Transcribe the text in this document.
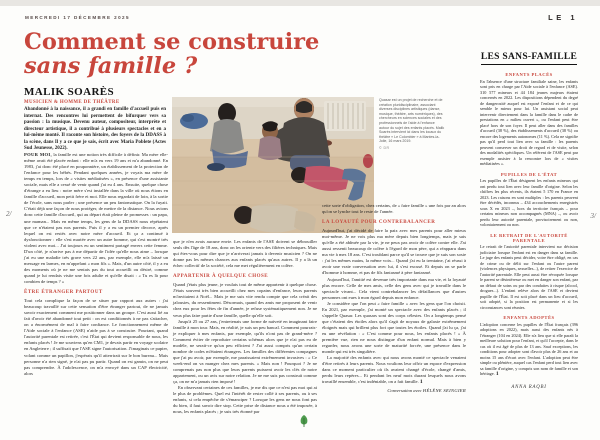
MERCREDI 17 DÉCEMBRE 2025	LE 1
Comment se construire
sans famille ?
MALIK SOARÈS
MUSICIEN & HOMME DE THÉÂTRE
Abandonné à la naissance, il a grandi en famille d'accueil puis en internat. Des rencontres lui permettent de bifurquer vers sa passion : la musique. Devenu auteur, compositeur, interprète et directeur artistique, il a contribué à plusieurs spectacles et en a lui-même monté. Il raconte son histoire, des foyers de la DDASS à la scène, dans Il y a ce que je sais, écrit avec Maria Poblete (Actes Sud Jeunesse, 2022).
Quasar est un projet de recherche et de création pluridisciplinaire, associant diverses disciplines artistiques (danse, musique, théâtre, arts numériques), des chercheurs en sciences sociales et des professionnels de l'aide à l'enfance autour du sujet des enfants placés. Malik Soarès intervient ici dans les locaux du théâtre « Le Colombier » à Mantes-la-Jolie, 16 mars 2019.
© DR

POUR MOI, la famille est une notion très difficile à définir. Ma mère elle-même avait été placée enfant : elle m'a eu vers 19 ans et m'a abandonné. En 1983, j'ai donc été placé en pouponnière, un établissement de la protection de l'enfance pour les bébés. Pendant quelques années, je voyais ma mère de temps en temps, lors de « visites médiatisées », en présence d'une assistante sociale, mais elle a cessé de venir quand j'ai eu 4 ans. Ensuite, quelque chose d'étrange a eu lieu : notre mère s'est installée dans la ville où nous étions en famille d'accueil, mon petit frère et moi. Elle nous regardait de loin, à la sortie de l'école, sans nous parler ; une présence un peu fantomatique. On la fuyait. C'était déjà une façon de nous protéger, de mettre de la distance. Nous avions donc cette famille d'accueil, qui au départ était pleine de promesses : un papa, une maman... Mais en même temps, les gens de la DDASS nous répétaient que ce n'étaient pas nos parents. Puis il y a eu un premier divorce, après lequel on est restés avec notre mère d'accueil. Et ça a continué à dysfonctionner : elle s'est mariée avec un autre homme, qui s'est montré très violent avec moi... J'ai toujours eu un sentiment partagé envers cette femme. D'un côté, je n'arrive pas à me départir de l'idée qu'elle nous aime – lorsque j'ai eu une maladie très grave vers 22 ans, par exemple, elle m'a laissé un message en larmes, en m'appelant « mon fils ». Mais, d'un autre côté, il y a eu des moments où je ne me sentais pas du tout accueilli ou désiré, comme quand je lui rendais visite une fois adulte et qu'elle disait : « Tu es là pour combien de temps ? »

ÊTRE ÉTRANGER PARTOUT

Tout cela complique la façon de se situer par rapport aux autres : j'ai beaucoup travaillé sur cette sensation d'être étranger partout, de ne jamais savoir exactement comment me positionner dans un groupe. C'est aussi lié au fait d'avoir été abandonné tout petit : on est conditionnés à ne pas s'attacher, on a énormément de mal à faire confiance. Le fonctionnement même de l'Aide sociale à l'enfance (ASE) n'aide pas à se construire. Pourtant, quand l'autorité parentale est retirée, c'est l'État qui devient responsable de nous, les enfants placés ! Je me souviens qu'en CM1, je devais partir en voyage scolaire en Angleterre ; il suffisait que l'ASE signe l'autorisation. J'imaginais ce papier, volant comme un papillon, j'espérais qu'il atterrirait sur le bon bureau... Mais personne n'a rien signé, je n'ai pas pu partir. Quand on est gamin, on ne peut pas comprendre. À l'adolescence, on m'a envoyé dans un CAP électricité, alors

que je n'en avais aucune envie. Les enfants de l'ASE doivent se débrouiller seuls dès l'âge de 18 ans, donc on les oriente vers des filières techniques. Mais qui êtes-vous pour dire que je n'arriverai jamais à devenir musicien ? On ne donne pas les mêmes chances aux enfants placés qu'aux autres. Il y a là un échec collectif de la société, cela me met régulièrement en colère.

APPARTENIR À QUELQUE CHOSE

Quand j'étais plus jeune, je voulais tout de même appartenir à quelque chose. J'étais souvent très bien accueilli chez mes copains d'enfance, leurs parents m'invitaient à Noël... Mais je me suis vite rendu compte que cela créait des jalousies, du ressentiment. Désormais, quand des amis me proposent de venir chez eux pour les fêtes de fin d'année, je refuse systématiquement non. Je ne veux plus faire partie d'une famille, quelle qu'elle soit.

Jusqu'à 25 ou 27 ans, j'entretenais une forme de naïveté en imaginant faire famille à mon tour. Mais, en réalité, je suis un peu bancal. Comment pourrais-je expliquer à mes enfants, par exemple, qu'ils n'ont pas de grand-mère ? Comment éviter de reproduire certains schémas alors que je n'ai pas eu de modèle, ne serait-ce qu'un peu efficient ? J'ai aussi compris qu'un certain nombre de codes m'étaient étrangers. Les familles des différentes compagnes que j'ai pu avoir, par exemple, me paraissaient extrêmement invasives : « Ce week-end on va manger chez mes parents. » Mais non ! Pourquoi ? Je ne comprenais pas non plus que leurs parents puissent avoir les clés de notre appartement, ou un avis sur notre relation. Je ne me suis pas construit comme ça, on ne m'a jamais rien imposé !

En observant certaines de ces familles, je me dis que ce n'est pas moi qui ai le plus de problèmes. Quel est l'intérêt de rester collé à ses parents, ou à ses enfants, si cela empêche de s'émanciper ? Lorsque les gens ne nous font pas du bien, il faut savoir dire stop. Cette prise de distance nous a été imposée, à nous, les enfants placés ; je suis très étonné par

cette sorte d'obligation, chez certains, de « faire famille » une fois par an alors qu'on se lynche tout le reste de l'année.

LA LOYAUTÉ POUR CONTREBALANCER

Aujourd'hui, j'ai décidé de faire la paix avec mes parents pour aller mieux moi-même. Je ne vois plus ma mère depuis bien longtemps, mais je sais qu'elle a été abîmée par la vie, je ne peux pas avoir de colère contre elle. J'ai aussi ressenti beaucoup de colère à l'égard de mon père, qui a réapparu dans ma vie à mes 18 ans. C'est troublant parce qu'il se trouve que je suis son sosie : j'ai les mêmes mains, la même voix... Quand j'ai eu la trentaine, j'ai réussi à avoir une vraie conversation avec lui, il s'est excusé. Et depuis on se parle d'homme à homme, et pas de fils fantasmé à père fantasmé.

Aujourd'hui, l'amitié est devenue très importante dans ma vie, et la loyauté plus encore. Celle de mes amis, celle des gens avec qui je travaille dans le spectacle vivant... Cela vient contrebalancer les défaillances que d'autres personnes ont eues à mon égard depuis mon enfance.

Je considère que l'on peut « faire famille » avec les gens que l'on choisit. En 2021, par exemple, j'ai monté un spectacle avec des enfants placés ; il s'appelle Quasar. Les quasars sont des corps célestes. On a longtemps pensé que c'étaient des étoiles alors qu'il s'agit de noyaux de galaxie extrêmement éloignés mais qui brillent plus fort que toutes les étoiles. Quand j'ai lu ça, j'ai eu une révélation : « C'est comme pour nous, les enfants placés ! » À première vue, rien ne nous distingue d'un enfant normal. Mais à bien y regarder, nous avons une sorte de maturité forcée, une présence dans le monde qui est très singulière.

La majorité des enfants avec qui nous avons monté ce spectacle venaient d'être retirés à leurs parents. Nous voulions leur offrir un espace d'expression dans ce moment particulier où ils avaient changé d'école, changé d'amis, perdu leurs repères... Et pendant les neuf mois durant lesquels nous avons travaillé ensemble, c'est indéniable, on a fait famille. 1

Conversation avec HÉLÈNE SEINGIER
LES SANS-FAMILLE
ENFANTS PLACÉS
En l'absence d'une structure familiale saine, les enfants sont pris en charge par l'Aide sociale à l'enfance (ASE). 310 577 mineurs et 44 184 jeunes majeurs étaient concernés en 2022. Les dispositions dépendent du degré de dangerosité auquel est exposé l'enfant et de ce qui semble le mieux pour lui. Un assistant social peut intervenir directement dans la famille dans le cadre de prestations en « milieu ouvert », ou l'enfant peut être placé hors de son foyer. Il peut aller dans des familles d'accueil (38 %), des établissements d'accueil (38 %) ou encore des logements autonomes (11 %). Cela ne signifie pas qu'il perd tout lien avec sa famille : les parents peuvent conserver un droit de regard et de visite, selon des modalités spécifiques. Un référent de l'ASE peut par exemple assister à la rencontre lors de « visites médiatisées ».
PUPILLES DE L'ÉTAT
Les pupilles de l'État désignent les enfants mineurs qui ont perdu tout lien avec leur famille d'origine. Selon les chiffres les plus récents, ils étaient 5 170 en France en 2023. Les raisons en sont multiples : les parents peuvent être décédés, inconnus – 434 accouchements enregistrés sous X en 2023 –, hors du territoire français – pour certains mineurs non accompagnés (MNA) –, ou avoir perdu leur autorité parentale, provisoirement ou non, volontairement ou non.
LE RETRAIT DE L'AUTORITÉ PARENTALE
Le retrait de l'autorité parentale intervient sur décision judiciaire lorsque l'enfant est en danger dans sa famille. Le juge des enfants peut décider, voire être obligé, en cas de crime ou de délit sur l'enfant ou l'autre parent (violences physiques, sexuelles...), de retirer l'exercice de l'autorité parentale. Elle peut aussi être révoquée lorsque le parent se désintéresse ou met en danger son enfant, par un défaut de soins ou par des conduites à risque (alcool, drogues...). L'enfant relève alors de l'ASE et devient pupille de l'État. Il est soit placé dans un lieu d'accueil, soit adopté, si la position est permanente et si les circonstances sont réunies.
ENFANTS ADOPTÉS
L'adoption concerne les pupilles de l'État français (396 adoptions en 2022), mais aussi des enfants nés à l'étranger (104 en 2024). Elle n'a lieu que si elle paraît la meilleure solution pour l'enfant, et qu'il l'accepte, dans le cas où il est âgé de plus de 13 ans. Sauf exceptions, les conditions pour adopter sont d'avoir plus de 26 ans et au moins 15 ans d'écart avec l'enfant. L'adoption peut être simple ou plénière, auquel cas l'enfant perd tout lien avec sa famille d'origine, y compris son nom de famille et son héritage. 1
ANNA RAQBI
2/	3/
